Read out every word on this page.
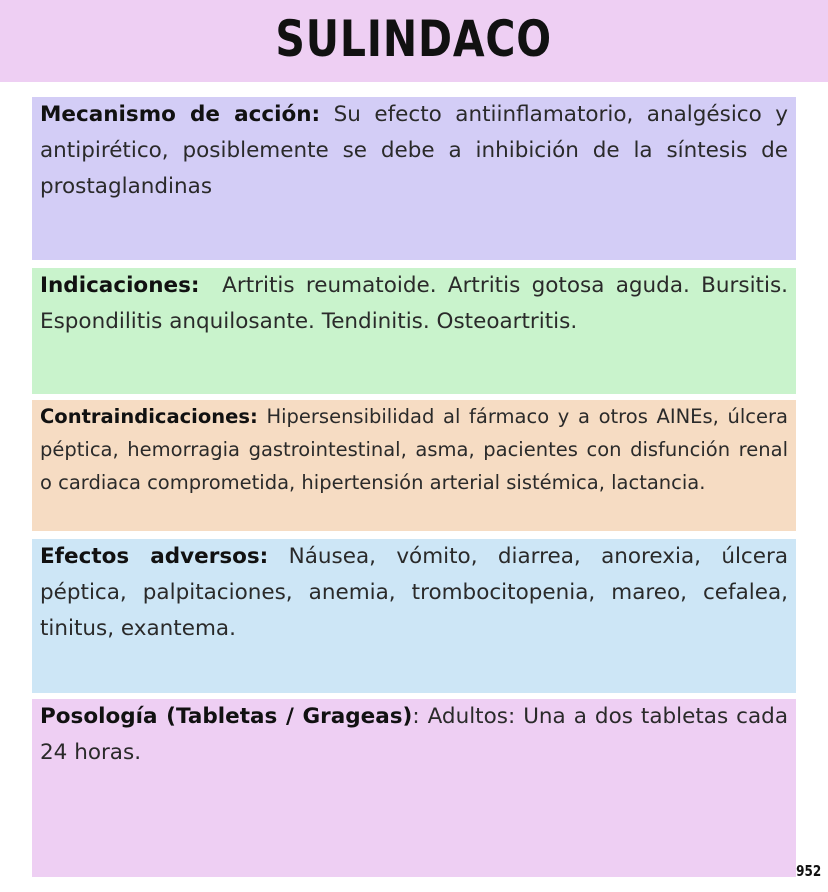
SULINDACO
Mecanismo de acción: Su efecto antiinflamatorio, analgésico y antipirético, posiblemente se debe a inhibición de la síntesis de prostaglandinas
Indicaciones:  Artritis reumatoide. Artritis gotosa aguda. Bursitis. Espondilitis anquilosante. Tendinitis. Osteoartritis.
Contraindicaciones: Hipersensibilidad al fármaco y a otros AINEs, úlcera péptica, hemorragia gastrointestinal, asma, pacientes con disfunción renal o cardiaca comprometida, hipertensión arterial sistémica, lactancia.
Efectos adversos: Náusea, vómito, diarrea, anorexia, úlcera péptica, palpitaciones, anemia, trombocitopenia, mareo, cefalea, tinitus, exantema.
Posología (Tabletas / Grageas): Adultos: Una a dos tabletas cada 24 horas.
952
